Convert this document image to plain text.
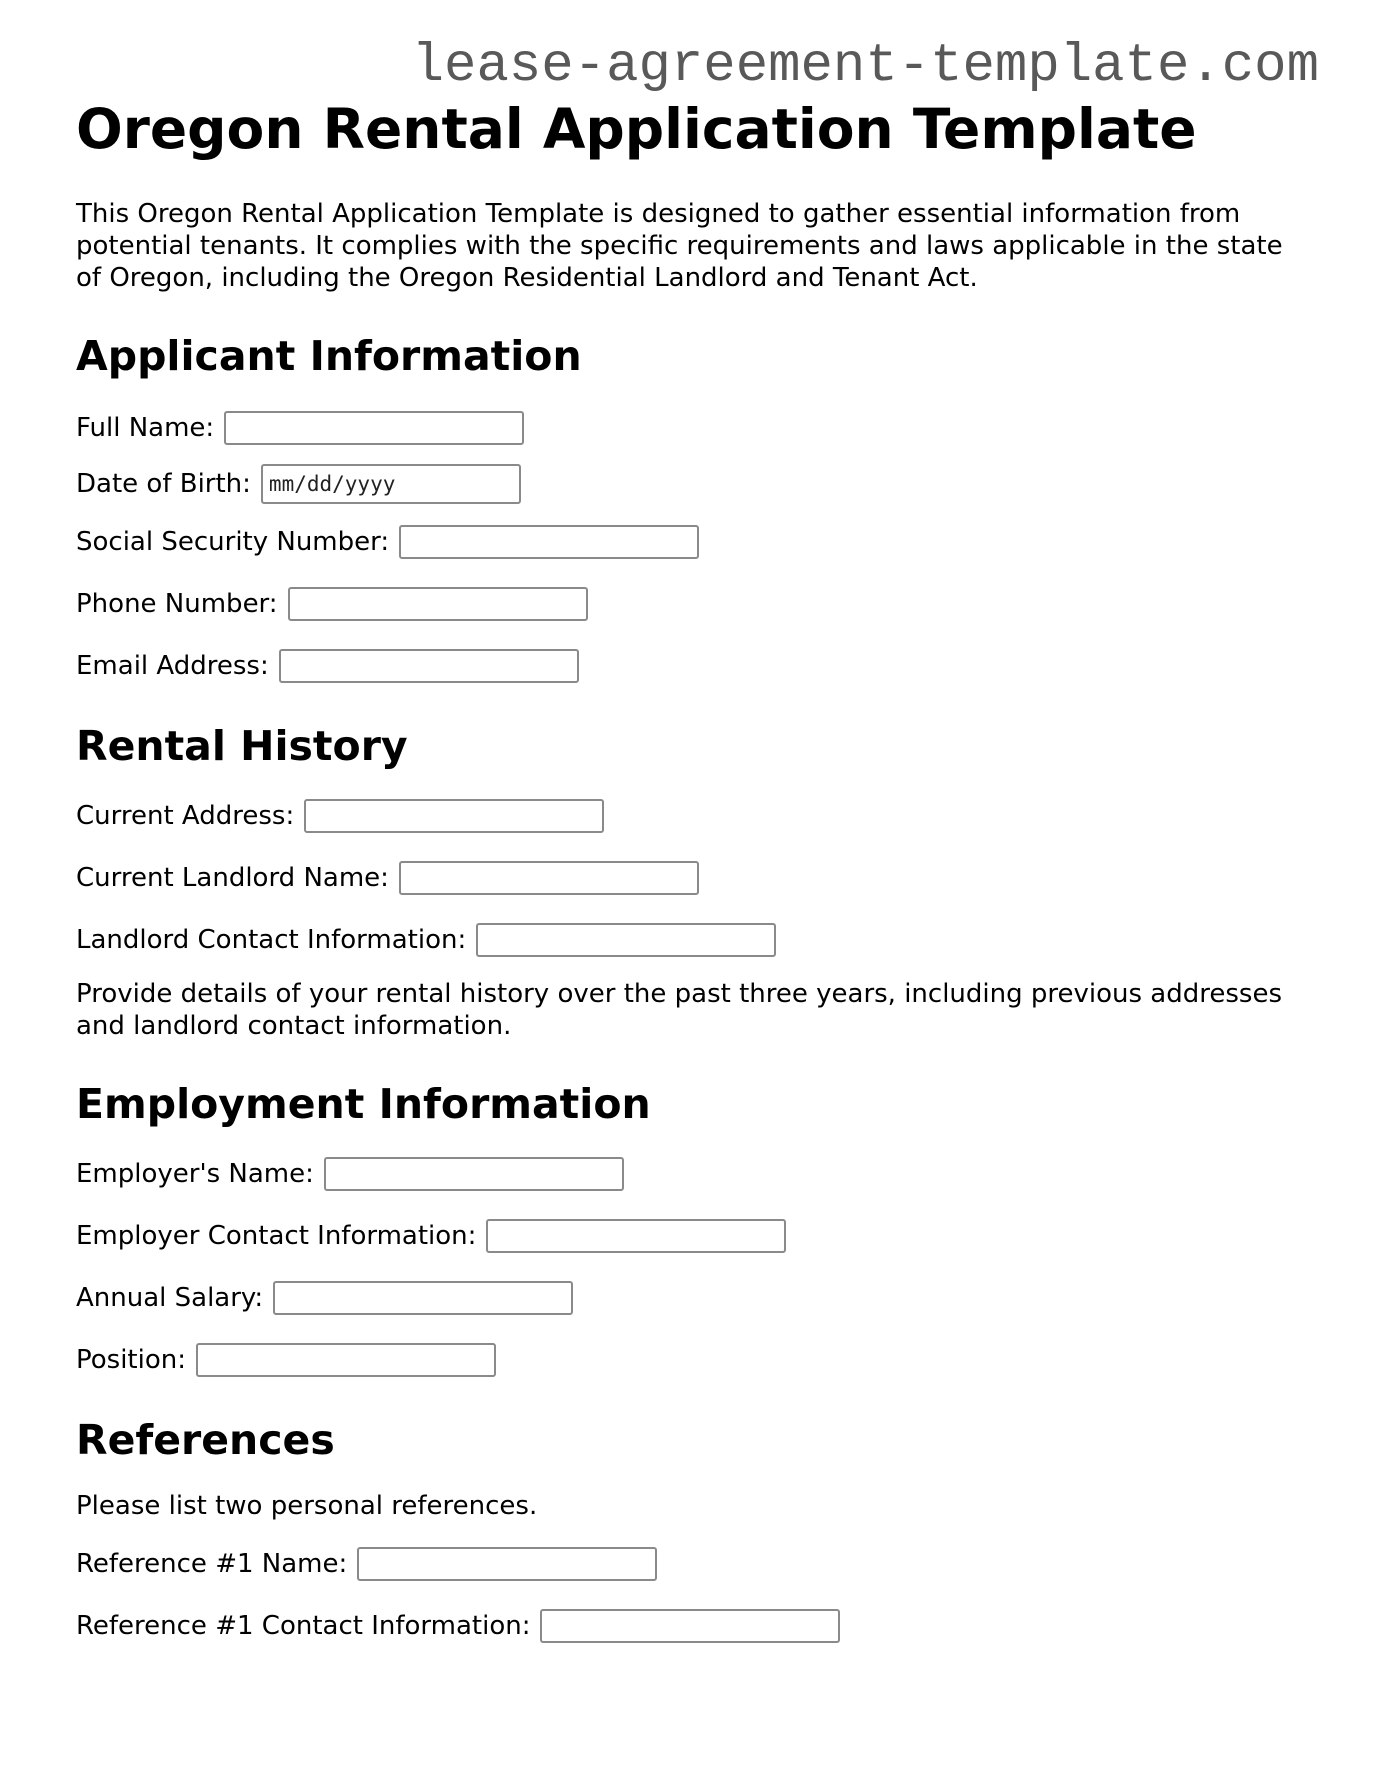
lease-agreement-template.com
Oregon Rental Application Template

This Oregon Rental Application Template is designed to gather essential information from potential tenants. It complies with the specific requirements and laws applicable in the state of Oregon, including the Oregon Residential Landlord and Tenant Act.

Applicant Information
Full Name:
Date of Birth:
mm/dd/yyyy
Social Security Number:
Phone Number:
Email Address:
Rental History
Current Address:
Current Landlord Name:
Landlord Contact Information:

Provide details of your rental history over the past three years, including previous addresses and landlord contact information.

Employment Information
Employer's Name:
Employer Contact Information:
Annual Salary:
Position:
References

Please list two personal references.

Reference #1 Name:
Reference #1 Contact Information:
